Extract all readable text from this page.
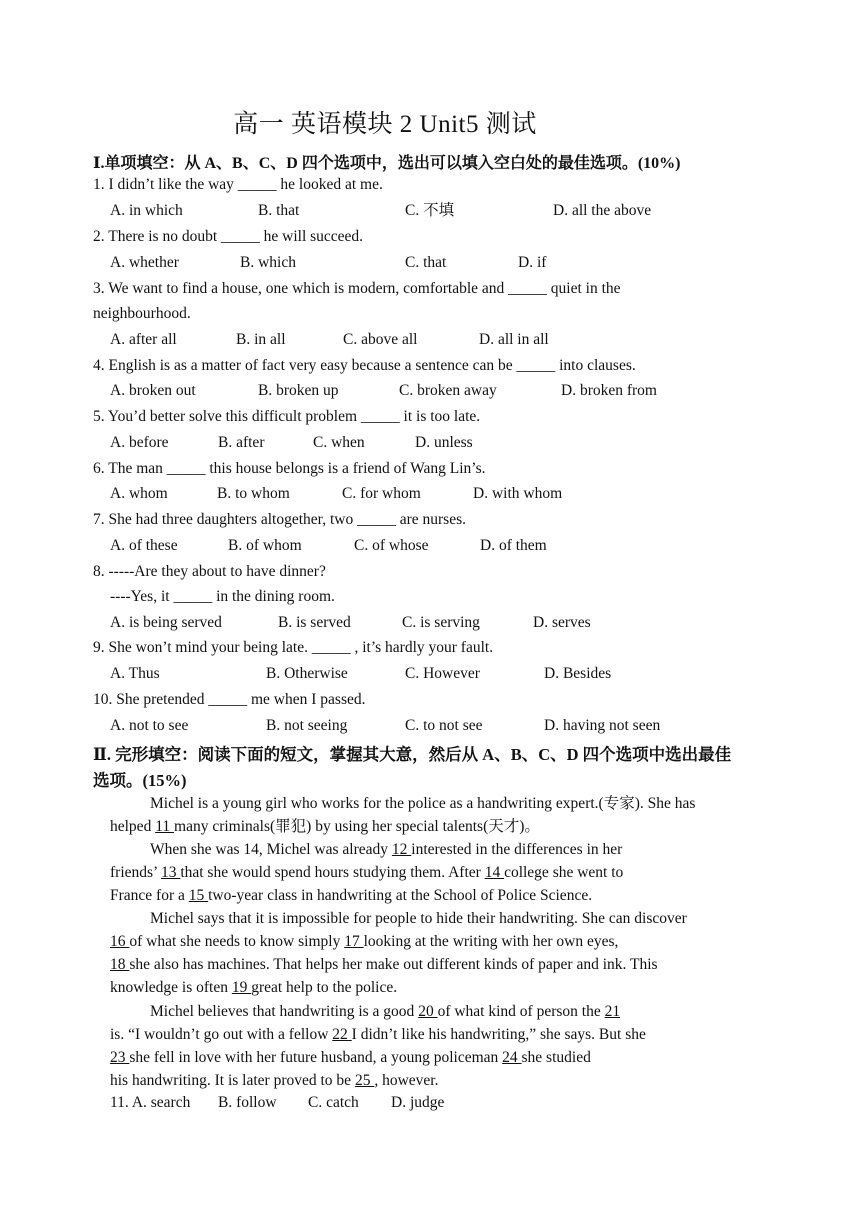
高一 英语模块 2 Unit5 测试
Ⅰ.单项填空：从 A、B、C、D 四个选项中，选出可以填入空白处的最佳选项。(10%)
1. I didn’t like the way _____ he looked at me.
A. in which	B. that	C. 不填	D. all the above
2. There is no doubt _____ he will succeed.
A. whether	B. which	C. that	D. if
3. We want to find a house, one which is modern, comfortable and _____ quiet in the
neighbourhood.
A. after all	B. in all	C. above all	D. all in all
4. English is as a matter of fact very easy because a sentence can be _____ into clauses.
A. broken out	B. broken up	C. broken away	D. broken from
5. You’d better solve this difficult problem _____ it is too late.
A. before	B. after	C. when	D. unless
6. The man _____ this house belongs is a friend of Wang Lin’s.
A. whom	B. to whom	C. for whom	D. with whom
7. She had three daughters altogether, two _____ are nurses.
A. of these	B. of whom	C. of whose	D. of them
8. -----Are they about to have dinner?
----Yes, it _____ in the dining room.
A. is being served	B. is served	C. is serving	D. serves
9. She won’t mind your being late. _____ , it’s hardly your fault.
A. Thus	B. Otherwise	C. However	D. Besides
10. She pretended _____ me when I passed.
A. not to see	B. not seeing	C. to not see	D. having not seen
Ⅱ. 完形填空：阅读下面的短文，掌握其大意，然后从 A、B、C、D 四个选项中选出最佳
选项。(15%)
Michel is a young girl who works for the police as a handwriting expert.(专家). She has
helped 11 many criminals(罪犯) by using her special talents(天才)。
When she was 14, Michel was already 12 interested in the differences in her
friends’ 13 that she would spend hours studying them. After 14 college she went to
France for a 15 two-year class in handwriting at the School of Police Science.
Michel says that it is impossible for people to hide their handwriting. She can discover
16 of what she needs to know simply 17 looking at the writing with her own eyes,
18 she also has machines. That helps her make out different kinds of paper and ink. This
knowledge is often 19 great help to the police.
Michel believes that handwriting is a good 20 of what kind of person the 21
is. “I wouldn’t go out with a fellow 22 I didn’t like his handwriting,” she says. But she
23 she fell in love with her future husband, a young policeman 24 she studied
his handwriting. It is later proved to be 25 , however.
11. A. search B. follow C. catch D. judge
